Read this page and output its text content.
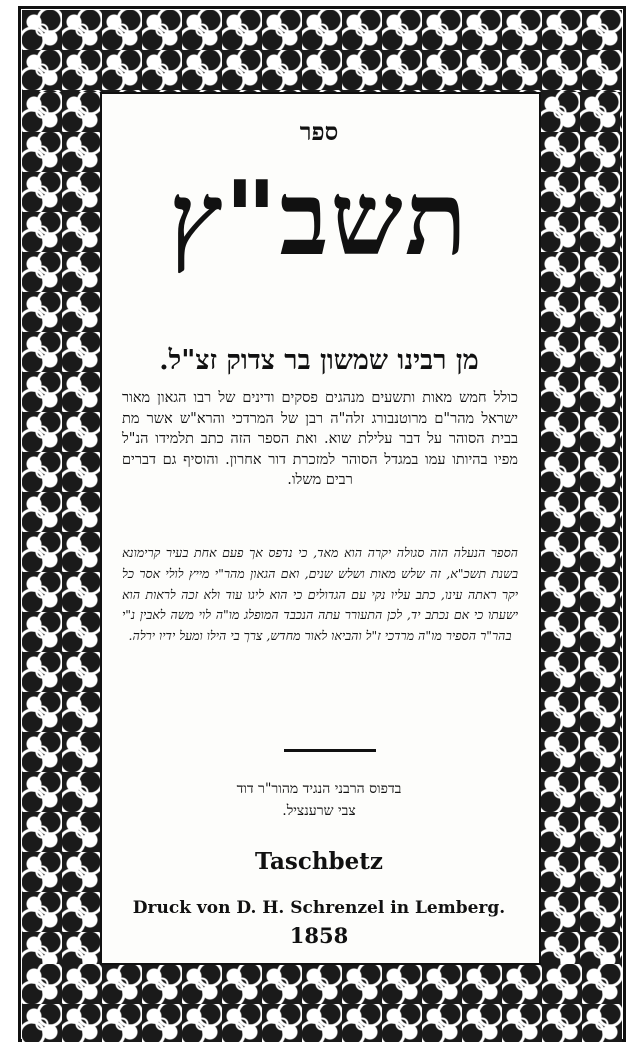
ספר
תשב"ץ
מן רבינו שמשון בר צדוק זצ"ל.
כולל חמש מאות ותשעים מנהגים פסקים ודינים של רבו הגאון מאור ישראל מהר"ם מרוטנבורג זלה"ה רבן של המרדכי והרא"ש אשר מת בבית הסוהר על דבר עלילת שוא. ואת הספר הזה כתב תלמידו הנ"ל מפיו בהיותו עמו במגדל הסוהר למזכרת דור אחרון. והוסיף גם דברים רבים משלו.
הספר הנעלה הזה סגולה יקרה הוא מאד, כי נדפס אך פעם אחת בעיר קרימונא בשנת תשכ"א, זה שלש מאות ושלש שנים, ואם הגאון מהר"י מייץ לולי אסר כל יקר ראתה עינו, כתב עליו נקי עם הגדולים כי הוא ליגו עוד ולא זכה לראות הוא ישעתו כי אם נכתב יד, לכן התעורר עתה הנכבד המופלג מו"ה לוי משה לאבין נ"י בהר"ר הספיר מו"ה מרדכי ז"ל והביאו לאור מחדש, צרך בי הילו ומעל ידיו ירלה.
בדפוס הרבני הנגיד מהור"ר דוד
צבי שרענציל.
Taschbetz
Druck von D. H. Schrenzel in Lemberg.
1858
